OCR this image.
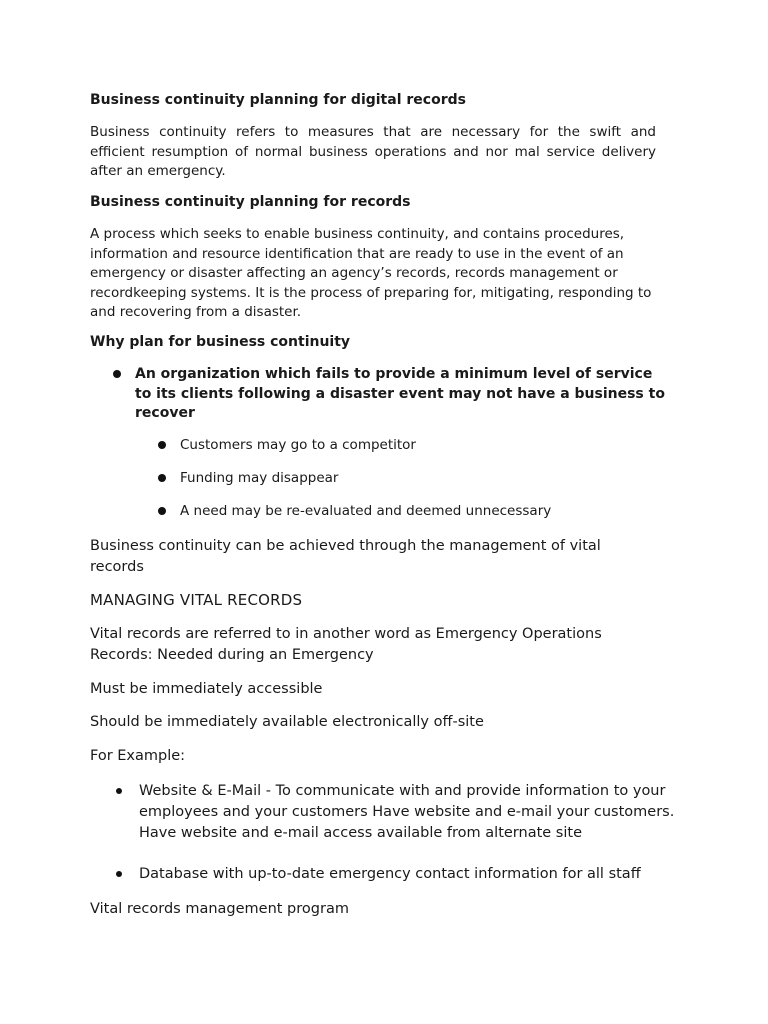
Business continuity planning for digital records

Business continuity refers to measures that are necessary for the swift and efficient resumption of normal business operations and nor mal service delivery after an emergency.

Business continuity planning for records

A process which seeks to enable business continuity, and contains procedures, information and resource identification that are ready to use in the event of an emergency or disaster affecting an agency’s records, records management or recordkeeping systems. It is the process of preparing for, mitigating, responding to and recovering from a disaster.

Why plan for business continuity

An organization which fails to provide a minimum level of service to its clients following a disaster event may not have a business to recover
Customers may go to a competitor
Funding may disappear
A need may be re-evaluated and deemed unnecessary

Business continuity can be achieved through the management of vital records

MANAGING VITAL RECORDS

Vital records are referred to in another word as Emergency Operations Records: Needed during an Emergency

Must be immediately accessible

Should be immediately available electronically off-site

For Example:

Website & E-Mail - To communicate with and provide information to your employees and your customers Have website and e-mail your customers. Have website and e-mail access available from alternate site
Database with up-to-date emergency contact information for all staff

Vital records management program
